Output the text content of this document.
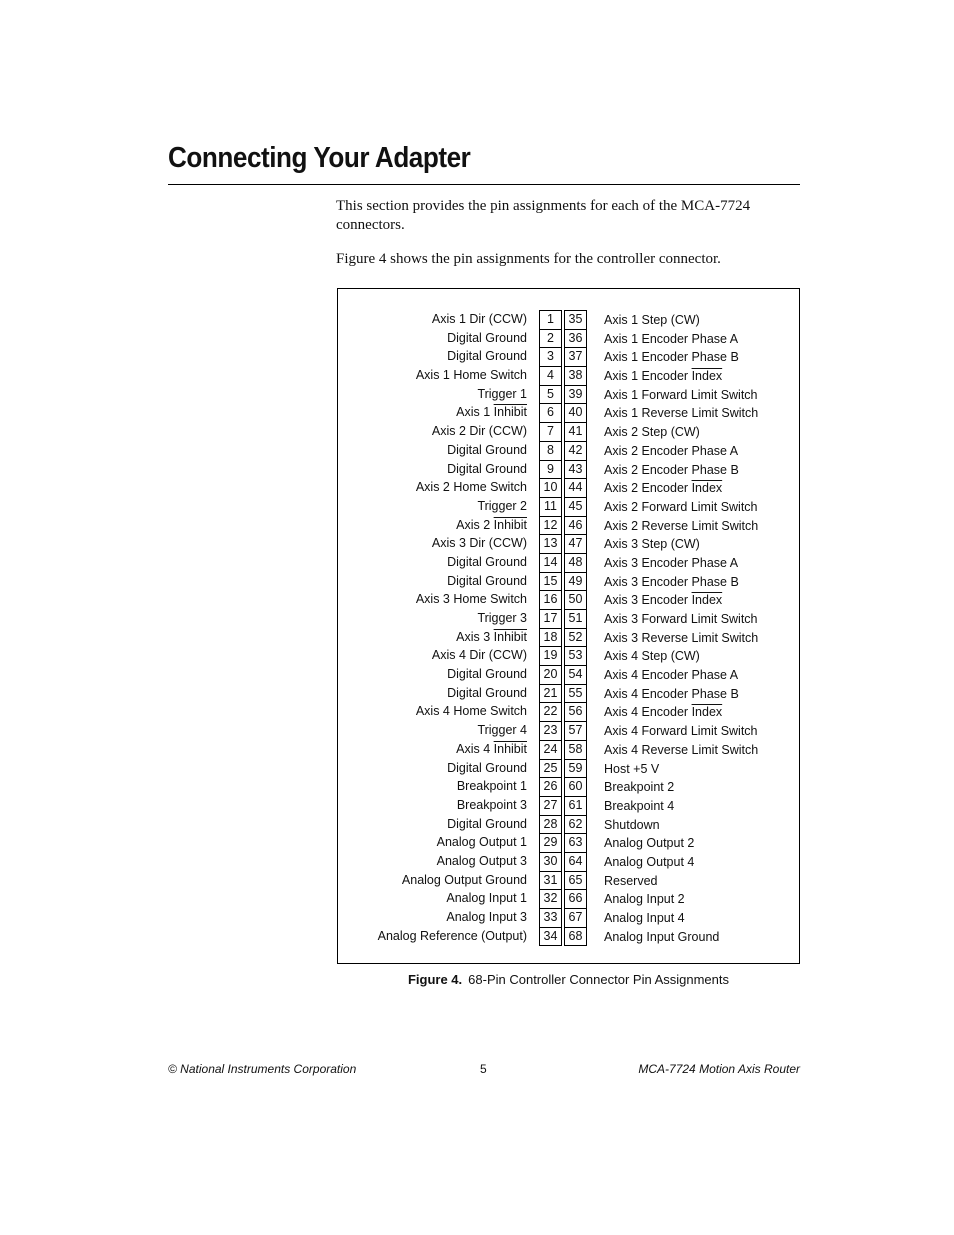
Connecting Your Adapter

This section provides the pin assignments for each of the MCA-7724 connectors.

Figure 4 shows the pin assignments for the controller connector.

Axis 1 Dir (CCW)
Digital Ground
Digital Ground
Axis 1 Home Switch
Trigger 1
Axis 1 Inhibit
Axis 2 Dir (CCW)
Digital Ground
Digital Ground
Axis 2 Home Switch
Trigger 2
Axis 2 Inhibit
Axis 3 Dir (CCW)
Digital Ground
Digital Ground
Axis 3 Home Switch
Trigger 3
Axis 3 Inhibit
Axis 4 Dir (CCW)
Digital Ground
Digital Ground
Axis 4 Home Switch
Trigger 4
Axis 4 Inhibit
Digital Ground
Breakpoint 1
Breakpoint 3
Digital Ground
Analog Output 1
Analog Output 3
Analog Output Ground
Analog Input 1
Analog Input 3
Analog Reference (Output)
1
2
3
4
5
6
7
8
9
10
11
12
13
14
15
16
17
18
19
20
21
22
23
24
25
26
27
28
29
30
31
32
33
34
35
36
37
38
39
40
41
42
43
44
45
46
47
48
49
50
51
52
53
54
55
56
57
58
59
60
61
62
63
64
65
66
67
68
Axis 1 Step (CW)
Axis 1 Encoder Phase A
Axis 1 Encoder Phase B
Axis 1 Encoder Index
Axis 1 Forward Limit Switch
Axis 1 Reverse Limit Switch
Axis 2 Step (CW)
Axis 2 Encoder Phase A
Axis 2 Encoder Phase B
Axis 2 Encoder Index
Axis 2 Forward Limit Switch
Axis 2 Reverse Limit Switch
Axis 3 Step (CW)
Axis 3 Encoder Phase A
Axis 3 Encoder Phase B
Axis 3 Encoder Index
Axis 3 Forward Limit Switch
Axis 3 Reverse Limit Switch
Axis 4 Step (CW)
Axis 4 Encoder Phase A
Axis 4 Encoder Phase B
Axis 4 Encoder Index
Axis 4 Forward Limit Switch
Axis 4 Reverse Limit Switch
Host +5 V
Breakpoint 2
Breakpoint 4
Shutdown
Analog Output 2
Analog Output 4
Reserved
Analog Input 2
Analog Input 4
Analog Input Ground
Figure 4. 68-Pin Controller Connector Pin Assignments
© National Instruments Corporation	5	MCA-7724 Motion Axis Router
